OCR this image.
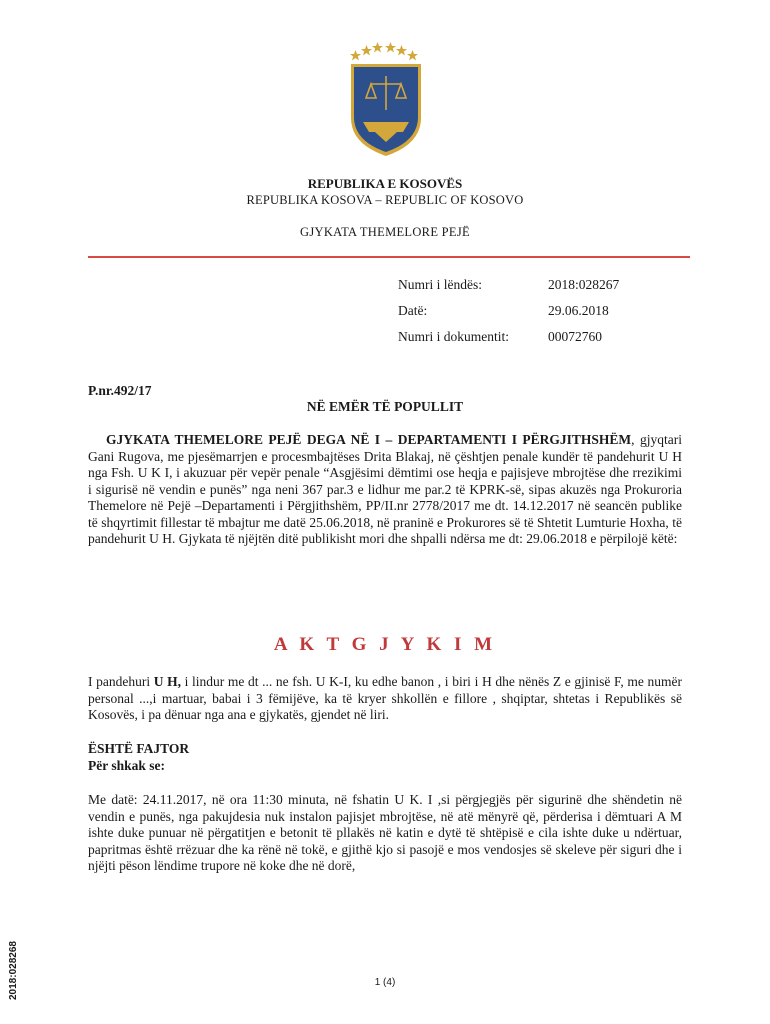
REPUBLIKA E KOSOVËS
REPUBLIKA KOSOVA – REPUBLIC OF KOSOVO
GJYKATA THEMELORE PEJË
Numri i lëndës:	2018:028267
Datë:	29.06.2018
Numri i dokumentit:	00072760
P.nr.492/17
NË EMËR TË POPULLIT
GJYKATA THEMELORE PEJË DEGA NË I – DEPARTAMENTI I PËRGJITHSHËM, gjyqtari Gani Rugova, me pjesëmarrjen e procesmbajtëses Drita Blakaj, në çështjen penale kundër të pandehurit U H nga Fsh. U K I, i akuzuar për vepër penale “Asgjësimi dëmtimi ose heqja e pajisjeve mbrojtëse dhe rrezikimi i sigurisë në vendin e punës” nga neni 367 par.3 e lidhur me par.2 të KPRK-së, sipas akuzës nga Prokuroria Themelore në Pejë –Departamenti i Përgjithshëm, PP/II.nr 2778/2017 me dt. 14.12.2017 në seancën publike të shqyrtimit fillestar të mbajtur me datë 25.06.2018, në praninë e Prokurores së të Shtetit Lumturie Hoxha, të pandehurit U H. Gjykata të njëjtën ditë publikisht mori dhe shpalli ndërsa me dt: 29.06.2018 e përpilojë këtë:
A K T G J Y K I M
I pandehuri U H, i lindur me dt ... ne fsh. U K-I, ku edhe banon , i biri i H dhe nënës Z e gjinisë F, me numër personal ...,i martuar, babai i 3 fëmijëve, ka të kryer shkollën e fillore , shqiptar, shtetas i Republikës së Kosovës, i pa dënuar nga ana e gjykatës, gjendet në liri.
ËSHTË FAJTOR
Për shkak se:
Me datë: 24.11.2017, në ora 11:30 minuta, në fshatin U K. I ,si përgjegjës për sigurinë dhe shëndetin në vendin e punës, nga pakujdesia nuk instalon pajisjet mbrojtëse, në atë mënyrë që, përderisa i dëmtuari A M ishte duke punuar në përgatitjen e betonit të pllakës në katin e dytë të shtëpisë e cila ishte duke u ndërtuar, papritmas është rrëzuar dhe ka rënë në tokë, e gjithë kjo si pasojë e mos vendosjes së skeleve për siguri dhe i njëjti pëson lëndime trupore në koke dhe në dorë,
2018:028268	1 (4)
